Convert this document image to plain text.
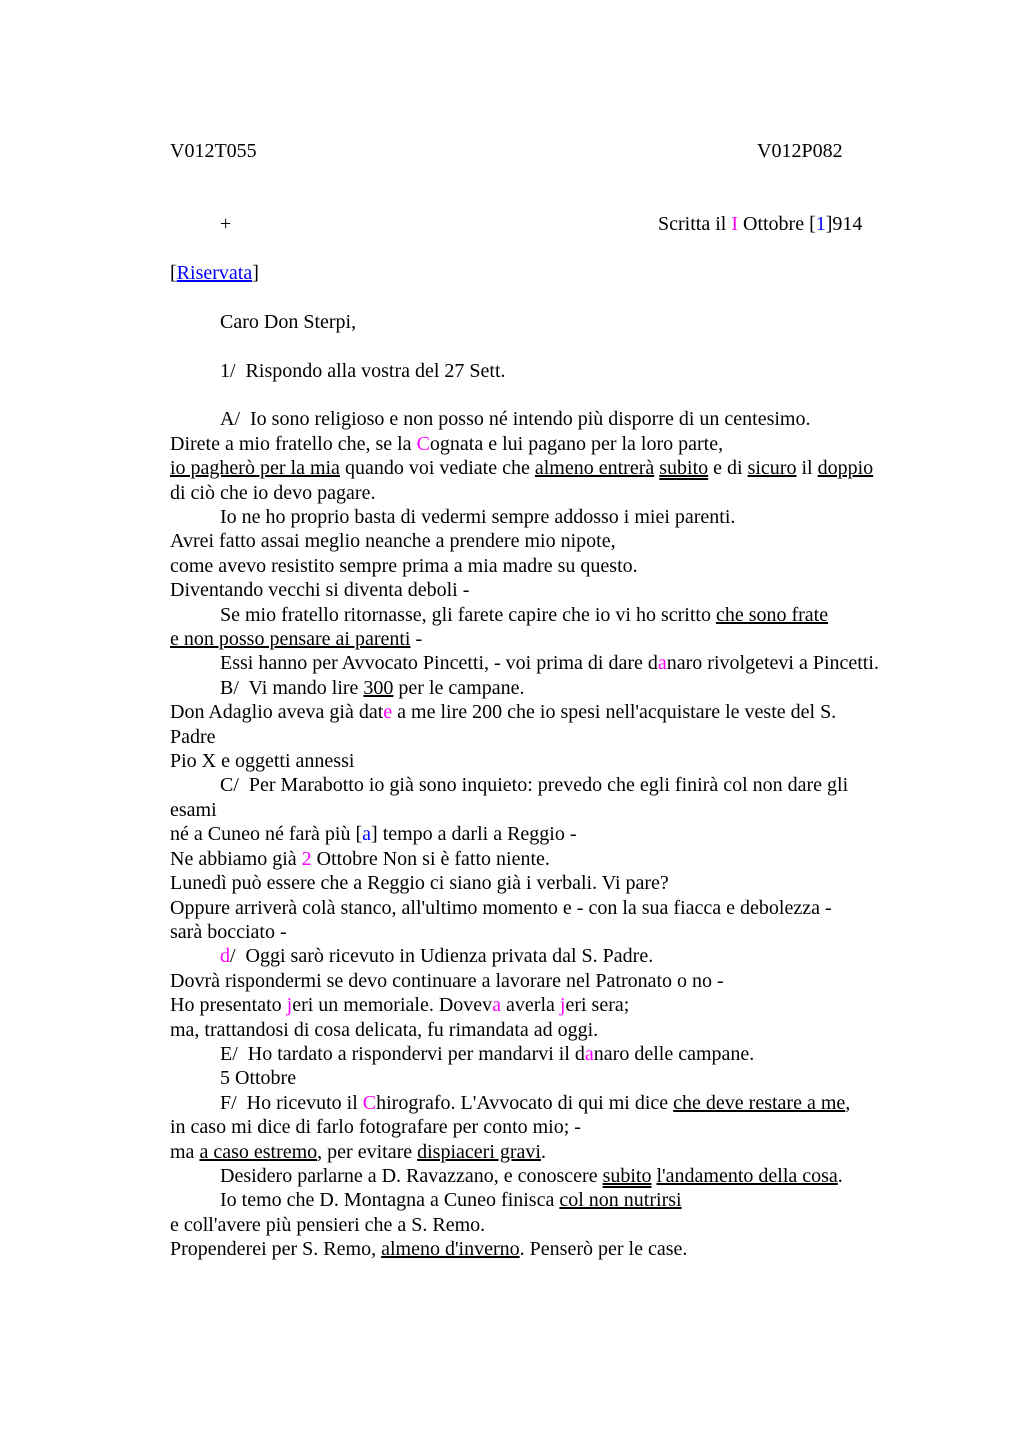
V012T055	V012P082
+	Scritta il I Ottobre [1]914
[Riservata]
Caro Don Sterpi,
1/  Rispondo alla vostra del 27 Sett.
A/  Io sono religioso e non posso né intendo più disporre di un centesimo.
Direte a mio fratello che, se la Cognata e lui pagano per la loro parte,
io pagherò per la mia quando voi vediate che almeno entrerà subito e di sicuro il doppio
di ciò che io devo pagare.
Io ne ho proprio basta di vedermi sempre addosso i miei parenti.
Avrei fatto assai meglio neanche a prendere mio nipote,
come avevo resistito sempre prima a mia madre su questo.
Diventando vecchi si diventa deboli -
Se mio fratello ritornasse, gli farete capire che io vi ho scritto che sono frate
e non posso pensare ai parenti -
Essi hanno per Avvocato Pincetti, - voi prima di dare danaro rivolgetevi a Pincetti.
B/  Vi mando lire 300 per le campane.
Don Adaglio aveva già date a me lire 200 che io spesi nell'acquistare le veste del S.
Padre
Pio X e oggetti annessi
C/  Per Marabotto io già sono inquieto: prevedo che egli finirà col non dare gli
esami
né a Cuneo né farà più [a] tempo a darli a Reggio -
Ne abbiamo già 2 Ottobre Non si è fatto niente.
Lunedì può essere che a Reggio ci siano già i verbali. Vi pare?
Oppure arriverà colà stanco, all'ultimo momento e - con la sua fiacca e debolezza -
sarà bocciato -
d/  Oggi sarò ricevuto in Udienza privata dal S. Padre.
Dovrà rispondermi se devo continuare a lavorare nel Patronato o no -
Ho presentato jeri un memoriale. Doveva averla jeri sera;
ma, trattandosi di cosa delicata, fu rimandata ad oggi.
E/  Ho tardato a rispondervi per mandarvi il danaro delle campane.
5 Ottobre
F/  Ho ricevuto il Chirografo. L'Avvocato di qui mi dice che deve restare a me,
in caso mi dice di farlo fotografare per conto mio; -
ma a caso estremo, per evitare dispiaceri gravi.
Desidero parlarne a D. Ravazzano, e conoscere subito l'andamento della cosa.
Io temo che D. Montagna a Cuneo finisca col non nutrirsi
e coll'avere più pensieri che a S. Remo.
Propenderei per S. Remo, almeno d'inverno. Penserò per le case.
